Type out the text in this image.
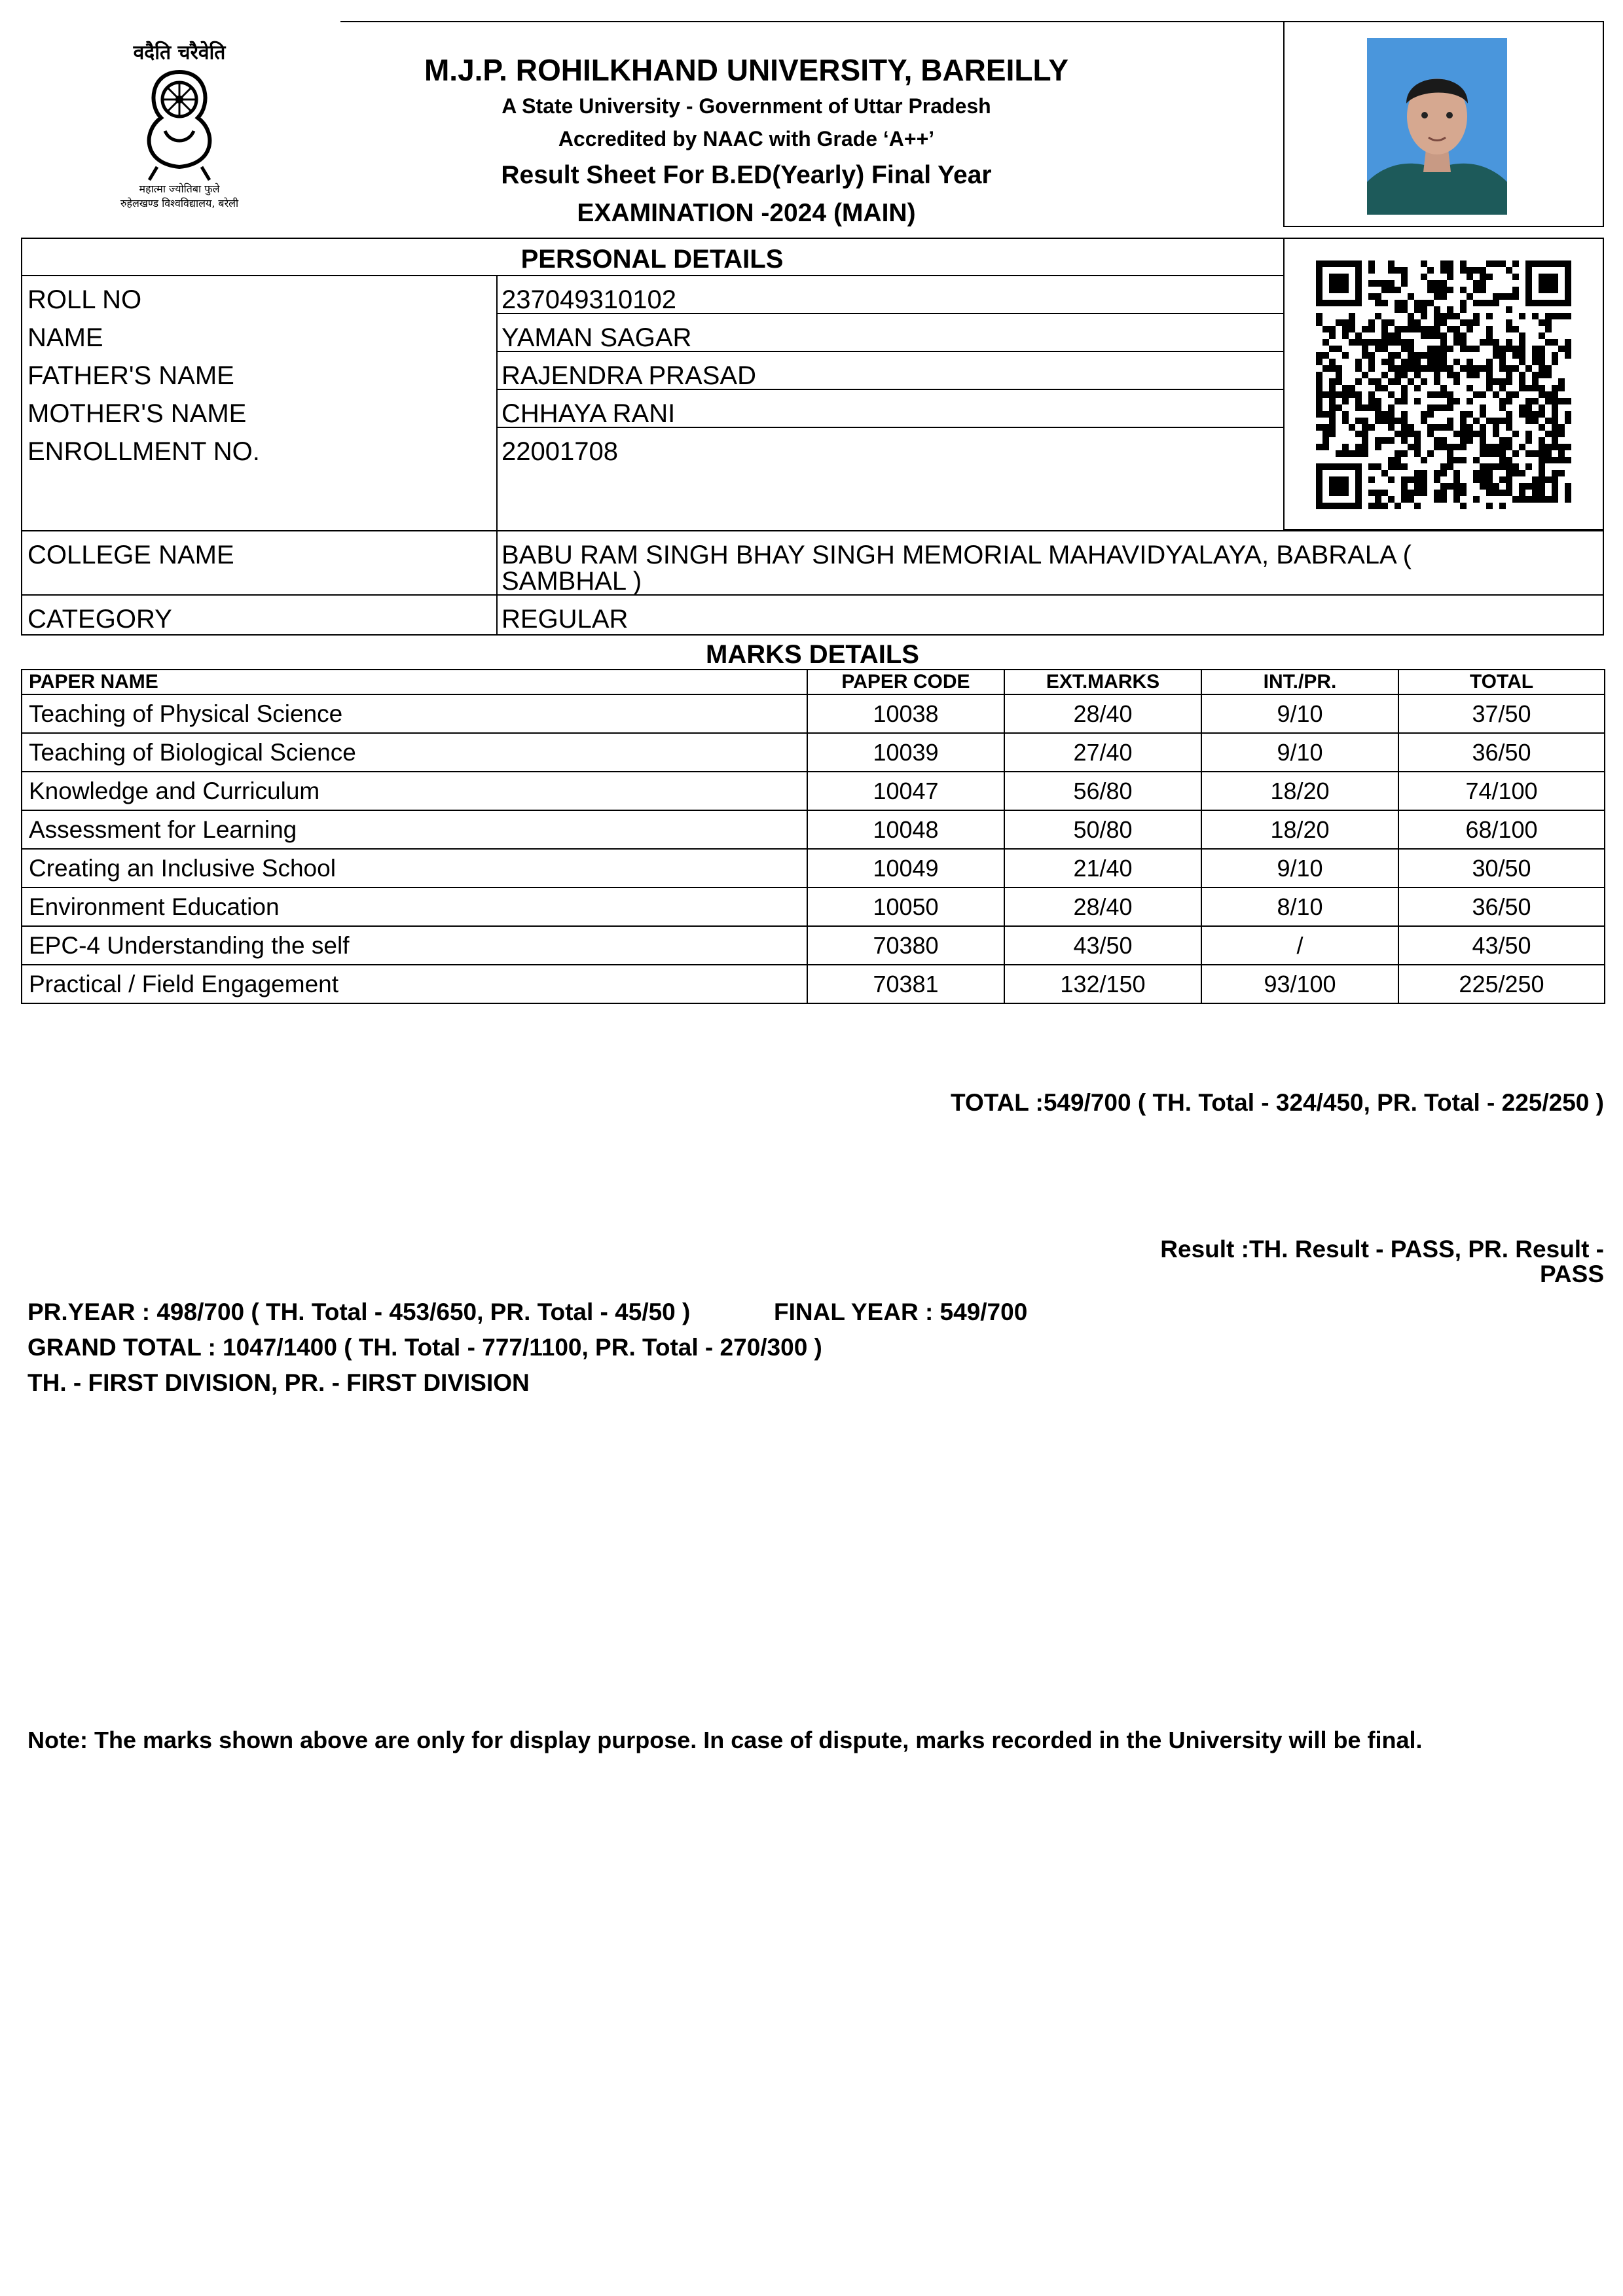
वदैति चरैवेति
महात्मा ज्योतिबा फुले
रुहेलखण्ड विश्वविद्यालय, बरेली
M.J.P. ROHILKHAND UNIVERSITY, BAREILLY
A State University - Government of Uttar Pradesh
Accredited by NAAC with Grade ‘A++’
Result Sheet For B.ED(Yearly) Final Year
EXAMINATION -2024 (MAIN)
PERSONAL DETAILS
ROLL NO	237049310102
NAME	YAMAN SAGAR
FATHER'S NAME	RAJENDRA PRASAD
MOTHER'S NAME	CHHAYA RANI
ENROLLMENT NO.	22001708
COLLEGE NAME	BABU RAM SINGH BHAY SINGH MEMORIAL MAHAVIDYALAYA, BABRALA (
SAMBHAL )
CATEGORY	REGULAR
MARKS DETAILS
PAPER NAME	PAPER CODE	EXT.MARKS	INT./PR.	TOTAL
Teaching of Physical Science	10038	28/40	9/10	37/50
Teaching of Biological Science	10039	27/40	9/10	36/50
Knowledge and Curriculum	10047	56/80	18/20	74/100
Assessment for Learning	10048	50/80	18/20	68/100
Creating an Inclusive School	10049	21/40	9/10	30/50
Environment Education	10050	28/40	8/10	36/50
EPC-4 Understanding the self	70380	43/50	/	43/50
Practical / Field Engagement	70381	132/150	93/100	225/250
TOTAL :549/700 ( TH. Total - 324/450, PR. Total - 225/250 )
Result :TH. Result - PASS, PR. Result -
PASS
PR.YEAR : 498/700 ( TH. Total - 453/650, PR. Total - 45/50 )	FINAL YEAR : 549/700
GRAND TOTAL : 1047/1400 ( TH. Total - 777/1100, PR. Total - 270/300 )
TH. - FIRST DIVISION, PR. - FIRST DIVISION
Note: The marks shown above are only for display purpose. In case of dispute, marks recorded in the University will be final.
